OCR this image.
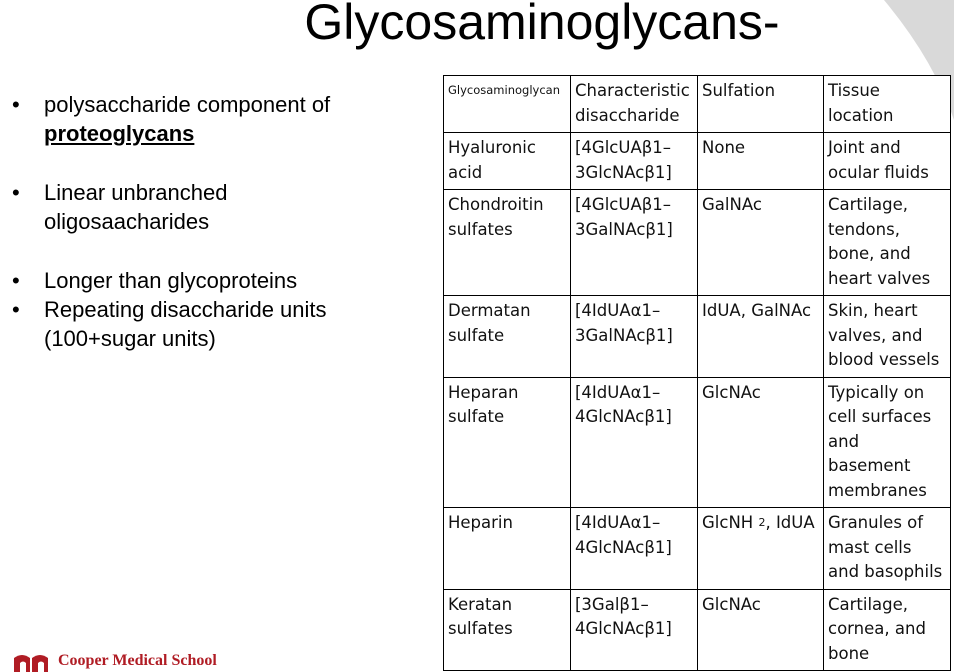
Glycosaminoglycans-
• polysaccharide component of
proteoglycans
• Linear unbranched
oligosaacharides
• Longer than glycoproteins
• Repeating disaccharide units
(100+sugar units)
Glycosaminoglycan	Characteristic disaccharide	Sulfation	Tissue location
Hyaluronic acid	[4GlcUAβ1–3GlcNAcβ1]	None	Joint and ocular fluids
Chondroitin sulfates	[4GlcUAβ1–3GalNAcβ1]	GalNAc	Cartilage, tendons, bone, and heart valves
Dermatan sulfate	[4IdUAα1–3GalNAcβ1]	IdUA, GalNAc	Skin, heart valves, and blood vessels
Heparan sulfate	[4IdUAα1–4GlcNAcβ1]	GlcNAc	Typically on cell surfaces and basement membranes
Heparin	[4IdUAα1–4GlcNAcβ1]	GlcNH $_2$, IdUA	Granules of mast cells and basophils
Keratan sulfates	[3Galβ1–4GlcNAcβ1]	GlcNAc	Cartilage, cornea, and bone
Cooper Medical School
